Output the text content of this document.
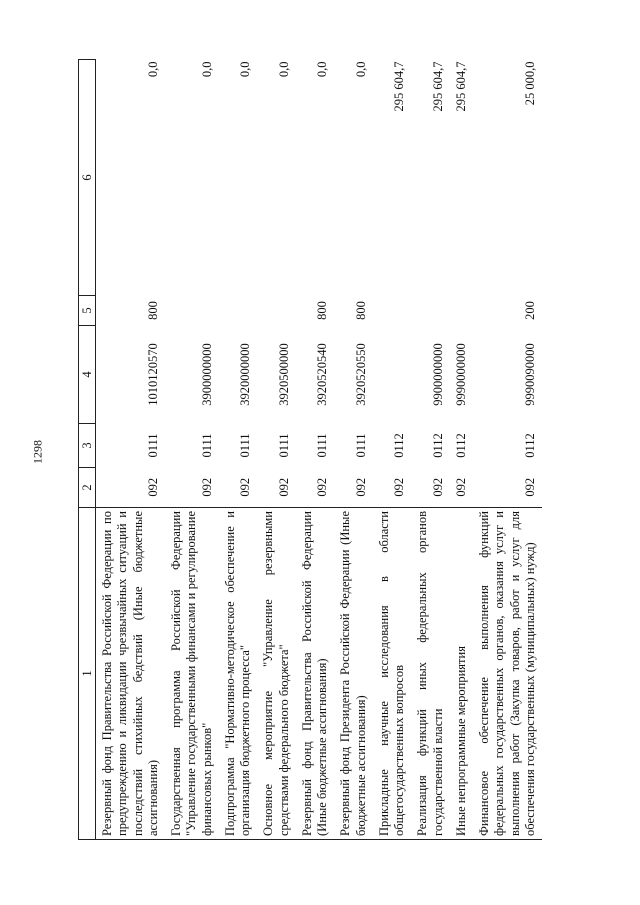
1298
1	2	3	4	5	6
Резервный фонд Правительства Российской Федерации по предупреждению и ликвидации чрезвычайных ситуаций и последствий стихийных бедствий (Иные бюджетные ассигнования)	092	0111	1010120570	800	0,0
Государственная программа Российской Федерации "Управление государственными финансами и регулирование финансовых рынков"	092	0111	3900000000		0,0
Подпрограмма "Нормативно-методическое обеспечение и организация бюджетного процесса"	092	0111	3920000000		0,0
Основное мероприятие "Управление резервными средствами федерального бюджета"	092	0111	3920500000		0,0
Резервный фонд Правительства Российской Федерации (Иные бюджетные ассигнования)	092	0111	3920520540	800	0,0
Резервный фонд Президента Российской Федерации (Иные бюджетные ассигнования)	092	0111	3920520550	800	0,0
Прикладные научные исследования в области общегосударственных вопросов	092	0112			295 604,7
Реализация функций иных федеральных органов государственной власти	092	0112	9900000000		295 604,7
Иные непрограммные мероприятия	092	0112	9990000000		295 604,7
Финансовое обеспечение выполнения функций федеральных государственных органов, оказания услуг и выполнения работ (Закупка товаров, работ и услуг для обеспечения государственных (муниципальных) нужд)	092	0112	9990090000	200	25 000,0
